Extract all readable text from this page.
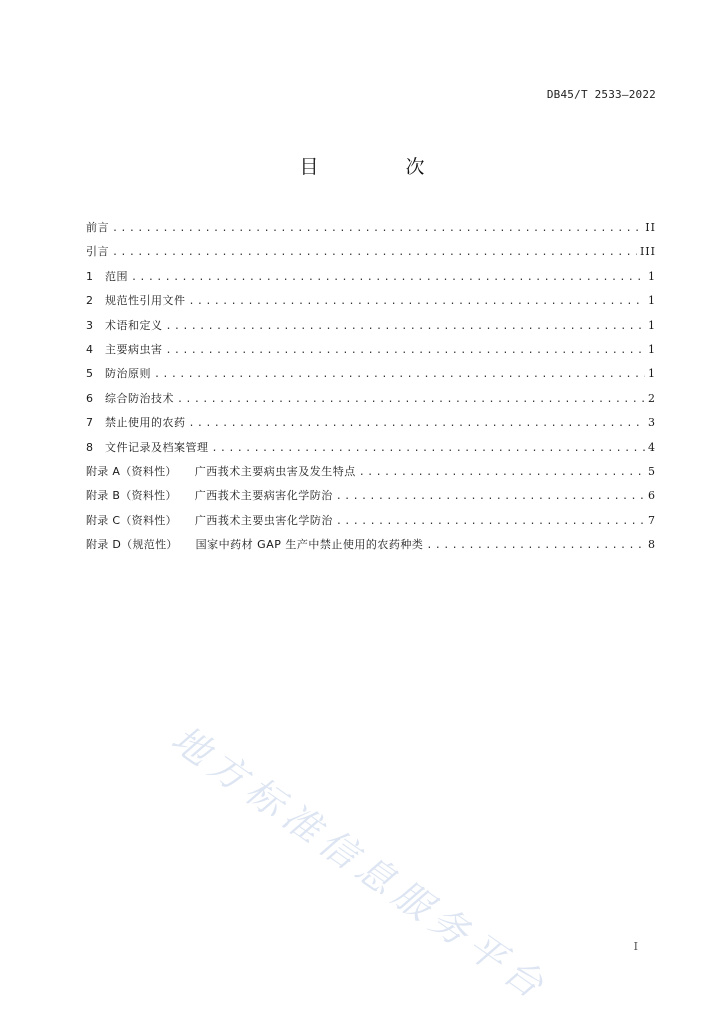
DB45/T 2533—2022
目　次
前言 .....	II
引言 .....	III
1	范围 .....	1
2	规范性引用文件 .....	1
3	术语和定义 .....	1
4	主要病虫害 .....	1
5	防治原则 .....	1
6	综合防治技术 .....	2
7	禁止使用的农药 .....	3
8	文件记录及档案管理 .....	4
附录 A（资料性） 广西莪术主要病虫害及发生特点 .....	5
附录 B（资料性） 广西莪术主要病害化学防治 .....	6
附录 C（资料性） 广西莪术主要虫害化学防治 .....	7
附录 D（规范性） 国家中药材 GAP 生产中禁止使用的农药种类 .....	8
地方标准信息服务平台	I
